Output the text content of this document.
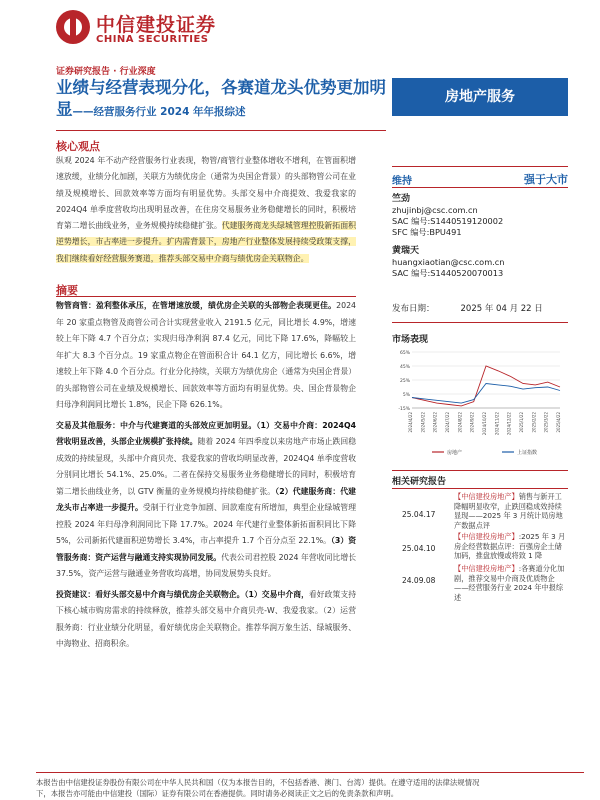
中信建投证券
CHINA SECURITIES
证券研究报告 · 行业深度
业绩与经营表现分化，各赛道龙头优势更加明显——经营服务行业 2024 年年报综述
房地产服务
核心观点
纵观 2024 年不动产经营服务行业表现，物管/商管行业整体增收不增利，在管面积增速放缓，业绩分化加剧，关联方为绩优房企（通常为央国企背景）的头部物管公司在业绩及规模增长、回款效率等方面均有明显优势。头部交易中介商提效、我爱我家的 2024Q4 单季度营收均出现明显改善，在住房交易服务业务稳健增长的同时，积极培育第二增长曲线业务，业务规模持续稳健扩张。代建服务商龙头绿城管理控股新拓面积逆势增长，市占率进一步提升。扩内需背景下，房地产行业整体发展持续受政策支撑，我们继续看好经营服务赛道，推荐头部交易中介商与绩优房企关联物企。
摘要

物管商管：盈利整体承压，在管增速放缓，绩优房企关联的头部物企表现更佳。2024 年 20 家重点物管及商管公司合计实现营业收入 2191.5 亿元，同比增长 4.9%，增速较上年下降 4.7 个百分点；实现归母净利润 87.4 亿元，同比下降 17.6%，降幅较上年扩大 8.3 个百分点。19 家重点物企在管面积合计 64.1 亿方，同比增长 6.6%，增速较上年下降 4.0 个百分点。行业分化持续，关联方为绩优房企（通常为央国企背景）的头部物管公司在业绩及规模增长、回款效率等方面均有明显优势。央、国企背景物企归母净利润同比增长 1.8%，民企下降 626.1%。

交易及其他服务：中介与代建赛道的头部效应更加明显。（1）交易中介商：2024Q4 营收明显改善，头部企业规模扩张持续。随着 2024 年四季度以来房地产市场止跌回稳成效的持续显现，头部中介商贝壳、我爱我家的营收均明显改善，2024Q4 单季度营收分别同比增长 54.1%、25.0%。二者在保持交易服务业务稳健增长的同时，积极培育第二增长曲线业务，以 GTV 衡量的业务规模均持续稳健扩张。（2）代建服务商：代建龙头市占率进一步提升。受制于行业竞争加剧、回款难度有所增加，典型企业绿城管理控股 2024 年归母净利润同比下降 17.7%。2024 年代建行业整体新拓面积同比下降 5%，公司新拓代建面积逆势增长 3.4%，市占率提升 1.7 个百分点至 22.1%。（3）资管服务商：资产运营与融通支持实现协同发展。代表公司君控股 2024 年营收同比增长 37.5%，资产运营与融通业务营收均高增，协同发展势头良好。

投资建议：看好头部交易中介商与绩优房企关联物企。（1）交易中介商，看好政策支持下核心城市购房需求的持续释放，推荐头部交易中介商贝壳-W、我爱我家。（2）运营服务商：行业业绩分化明显，看好绩优房企关联物企。推荐华润万象生活、绿城服务、中海物业、招商积余。

维持	强于大市
竺劲
zhujinbj@csc.com.cn
SAC 编号:S1440519120002
SFC 编号:BPU491
黄瑞天
huangxiaotian@csc.com.cn
SAC 编号:S1440520070013
发布日期：	2025 年 04 月 22 日
市场表现
65%
45%
25%
5%
-15%
2024/4/22 2024/5/22 2024/6/22 2024/7/22 2024/8/22 2024/9/22 2024/10/22 2024/11/22 2024/12/22 2025/1/22 2025/2/22 2025/3/22 2025/4/22
房地产	上证指数
相关研究报告
25.04.17
【中信建投房地产】销售与新开工降幅明显收窄，止跌回稳成效持续显现——2025 年 3 月统计局房地产数据点评
25.04.10
【中信建投房地产】:2025 年 3 月房企经营数据点评：百强房企土储加码，推盘放慢或将致 1 降
24.09.08
【中信建投房地产】:各赛道分化加剧，推荐交易中介商及优质物企——经营服务行业 2024 年中报综述
本报告由中信建投证券股份有限公司在中华人民共和国（仅为本报告目的，不包括香港、澳门、台湾）提供。在遵守适用的法律法规情况
下，本报告亦可能由中信建投（国际）证券有限公司在香港提供。同时请务必阅读正文之后的免责条款和声明。
